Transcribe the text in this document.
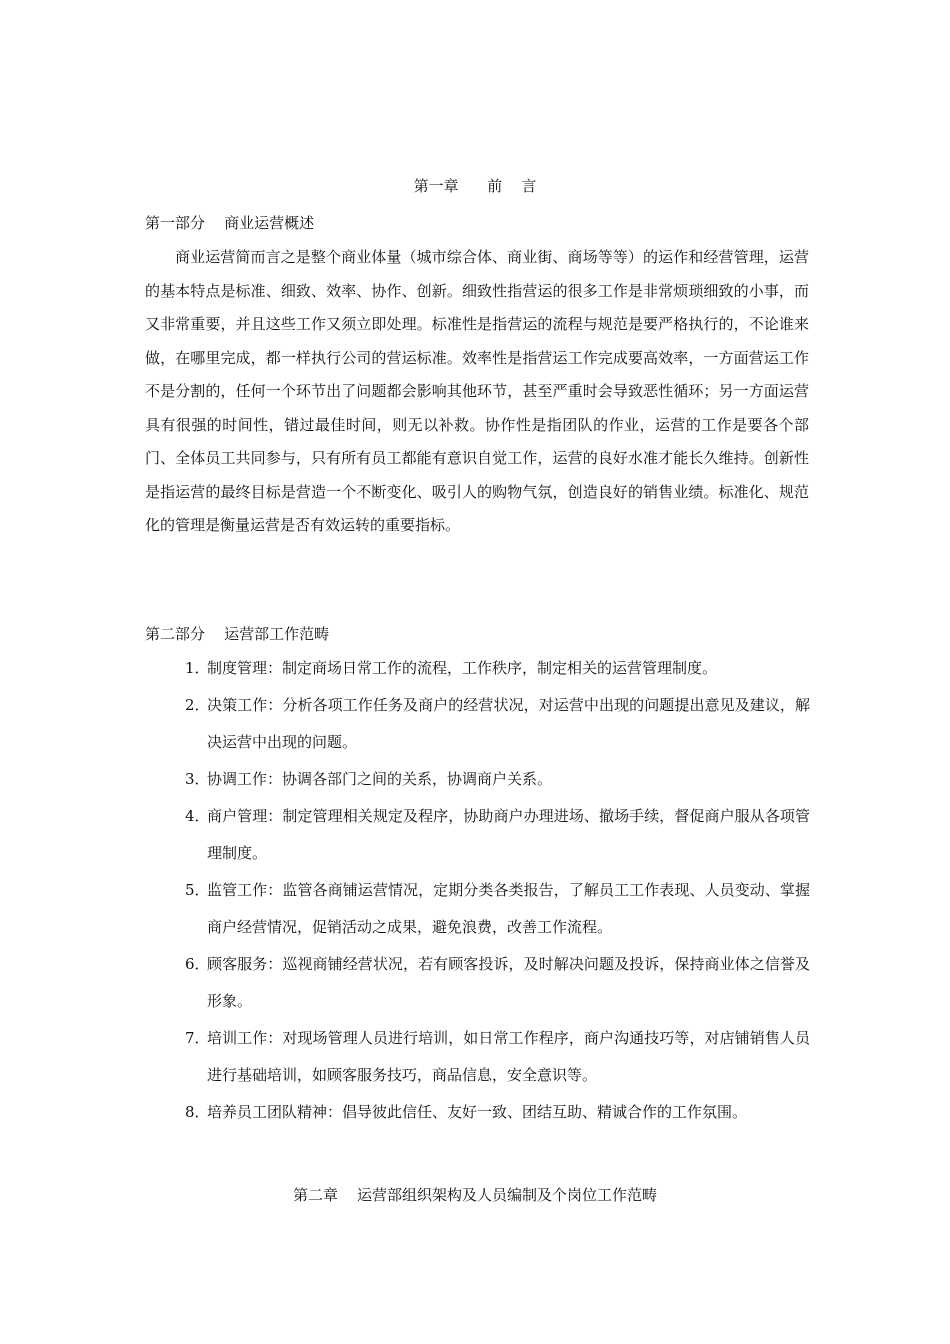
第一章      前    言
第一部分    商业运营概述

商业运营简而言之是整个商业体量（城市综合体、商业街、商场等等）的运作和经营管理，运营的基本特点是标准、细致、效率、协作、创新。细致性指营运的很多工作是非常烦琐细致的小事，而又非常重要，并且这些工作又须立即处理。标准性是指营运的流程与规范是要严格执行的，不论谁来做，在哪里完成，都一样执行公司的营运标准。效率性是指营运工作完成要高效率，一方面营运工作不是分割的，任何一个环节出了问题都会影响其他环节，甚至严重时会导致恶性循环；另一方面运营具有很强的时间性，错过最佳时间，则无以补救。协作性是指团队的作业，运营的工作是要各个部门、全体员工共同参与，只有所有员工都能有意识自觉工作，运营的良好水准才能长久维持。创新性是指运营的最终目标是营造一个不断变化、吸引人的购物气氛，创造良好的销售业绩。标准化、规范化的管理是衡量运营是否有效运转的重要指标。

第二部分    运营部工作范畴
1．
制度管理：制定商场日常工作的流程，工作秩序，制定相关的运营管理制度。
2．
决策工作：分析各项工作任务及商户的经营状况，对运营中出现的问题提出意见及建议，解决运营中出现的问题。
3．
协调工作：协调各部门之间的关系，协调商户关系。
4．
商户管理：制定管理相关规定及程序，协助商户办理进场、撤场手续，督促商户服从各项管理制度。
5．
监管工作：监管各商铺运营情况，定期分类各类报告，了解员工工作表现、人员变动、掌握商户经营情况，促销活动之成果，避免浪费，改善工作流程。
6．
顾客服务：巡视商铺经营状况，若有顾客投诉，及时解决问题及投诉，保持商业体之信誉及形象。
7．
培训工作：对现场管理人员进行培训，如日常工作程序，商户沟通技巧等，对店铺销售人员进行基础培训，如顾客服务技巧，商品信息，安全意识等。
8．
培养员工团队精神：倡导彼此信任、友好一致、团结互助、精诚合作的工作氛围。
第二章    运营部组织架构及人员编制及个岗位工作范畴
